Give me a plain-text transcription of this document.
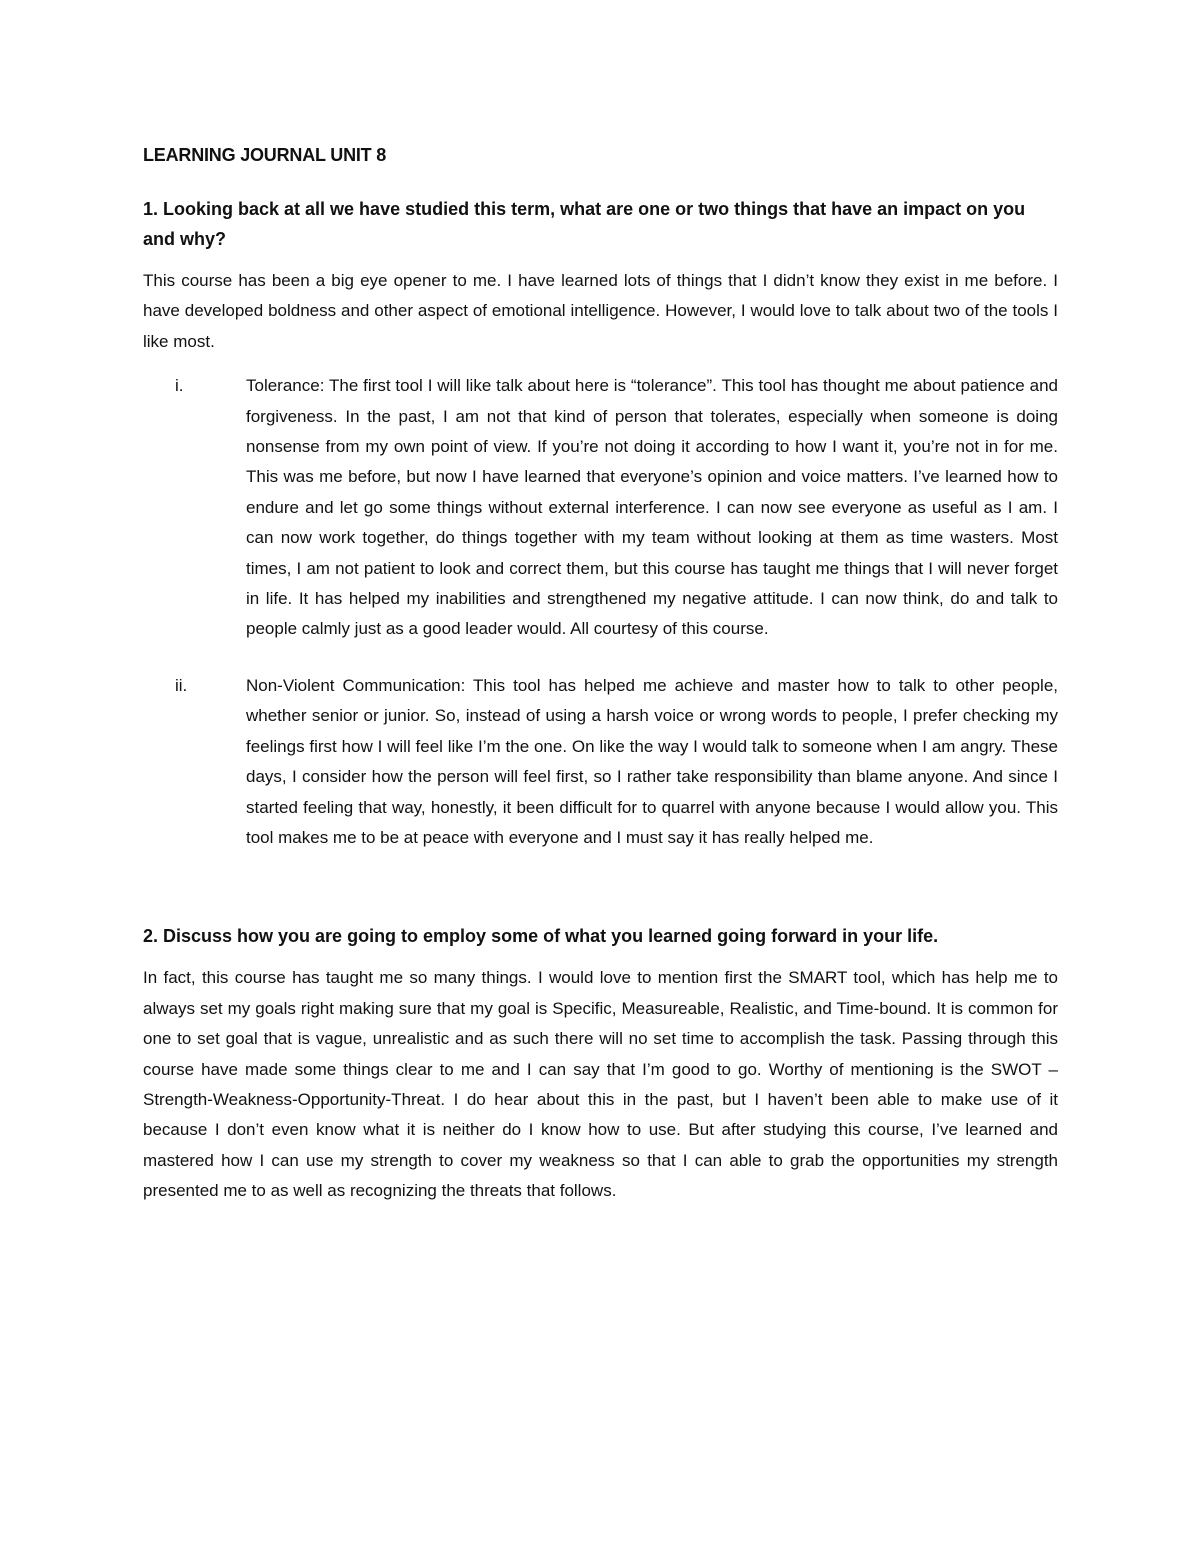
LEARNING JOURNAL UNIT 8
1. Looking back at all we have studied this term, what are one or two things that have an impact on you and why?

This course has been a big eye opener to me. I have learned lots of things that I didn’t know they exist in me before. I have developed boldness and other aspect of emotional intelligence. However, I would love to talk about two of the tools I like most.

i.	Tolerance: The first tool I will like talk about here is “tolerance”. This tool has thought me about patience and forgiveness. In the past, I am not that kind of person that tolerates, especially when someone is doing nonsense from my own point of view. If you’re not doing it according to how I want it, you’re not in for me. This was me before, but now I have learned that everyone’s opinion and voice matters. I’ve learned how to endure and let go some things without external interference. I can now see everyone as useful as I am. I can now work together, do things together with my team without looking at them as time wasters. Most times, I am not patient to look and correct them, but this course has taught me things that I will never forget in life. It has helped my inabilities and strengthened my negative attitude. I can now think, do and talk to people calmly just as a good leader would. All courtesy of this course.

ii.	Non-Violent Communication: This tool has helped me achieve and master how to talk to other people, whether senior or junior. So, instead of using a harsh voice or wrong words to people, I prefer checking my feelings first how I will feel like I’m the one. On like the way I would talk to someone when I am angry. These days, I consider how the person will feel first, so I rather take responsibility than blame anyone. And since I started feeling that way, honestly, it been difficult for to quarrel with anyone because I would allow you. This tool makes me to be at peace with everyone and I must say it has really helped me.

2. Discuss how you are going to employ some of what you learned going forward in your life.

In fact, this course has taught me so many things. I would love to mention first the SMART tool, which has help me to always set my goals right making sure that my goal is Specific, Measureable, Realistic, and Time-bound. It is common for one to set goal that is vague, unrealistic and as such there will no set time to accomplish the task. Passing through this course have made some things clear to me and I can say that I’m good to go. Worthy of mentioning is the SWOT – Strength-Weakness-Opportunity-Threat. I do hear about this in the past, but I haven’t been able to make use of it because I don’t even know what it is neither do I know how to use. But after studying this course, I’ve learned and mastered how I can use my strength to cover my weakness so that I can able to grab the opportunities my strength presented me to as well as recognizing the threats that follows.
